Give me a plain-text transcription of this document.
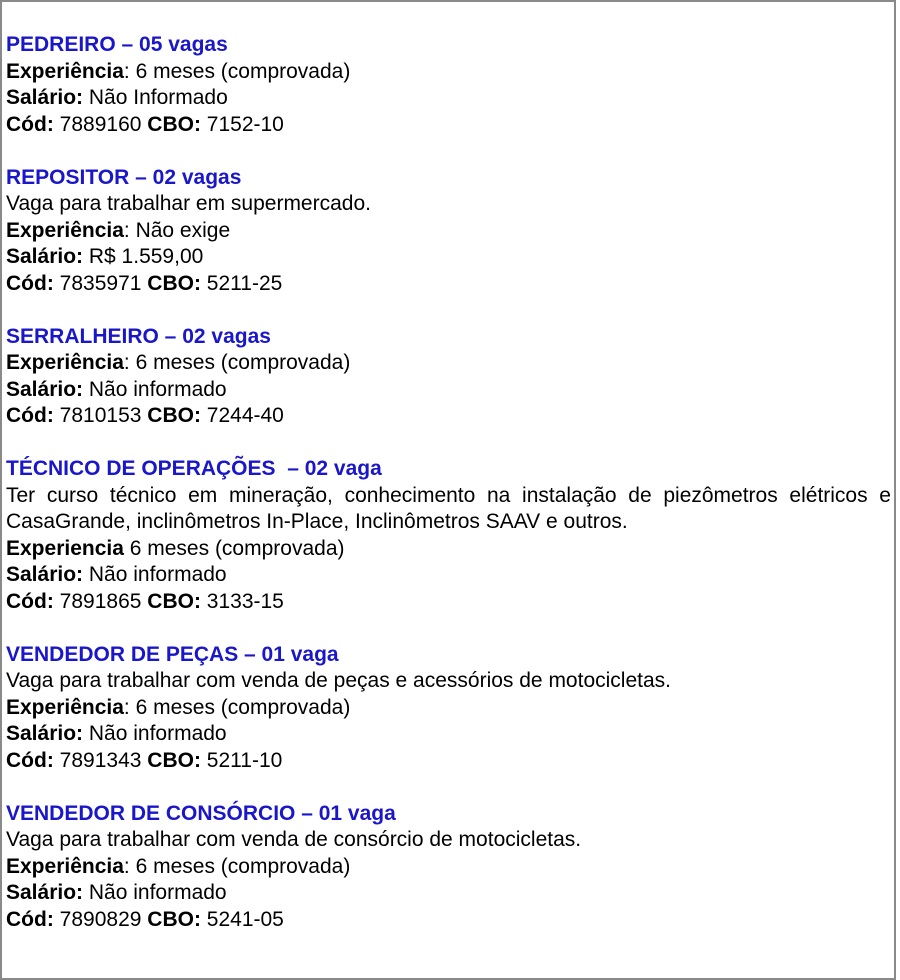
PEDREIRO – 05 vagas
Experiência: 6 meses (comprovada)
Salário: Não Informado
Cód: 7889160 CBO: 7152-10
REPOSITOR – 02 vagas
Vaga para trabalhar em supermercado.
Experiência: Não exige
Salário: R$ 1.559,00
Cód: 7835971 CBO: 5211-25
SERRALHEIRO – 02 vagas
Experiência: 6 meses (comprovada)
Salário: Não informado
Cód: 7810153 CBO: 7244-40
TÉCNICO DE OPERAÇÕES  – 02 vaga
Ter curso técnico em mineração, conhecimento na instalação de piezômetros elétricos e CasaGrande, inclinômetros In-Place, Inclinômetros SAAV e outros.
Experiencia 6 meses (comprovada)
Salário: Não informado
Cód: 7891865 CBO: 3133-15
VENDEDOR DE PEÇAS – 01 vaga
Vaga para trabalhar com venda de peças e acessórios de motocicletas.
Experiência: 6 meses (comprovada)
Salário: Não informado
Cód: 7891343 CBO: 5211-10
VENDEDOR DE CONSÓRCIO – 01 vaga
Vaga para trabalhar com venda de consórcio de motocicletas.
Experiência: 6 meses (comprovada)
Salário: Não informado
Cód: 7890829 CBO: 5241-05
